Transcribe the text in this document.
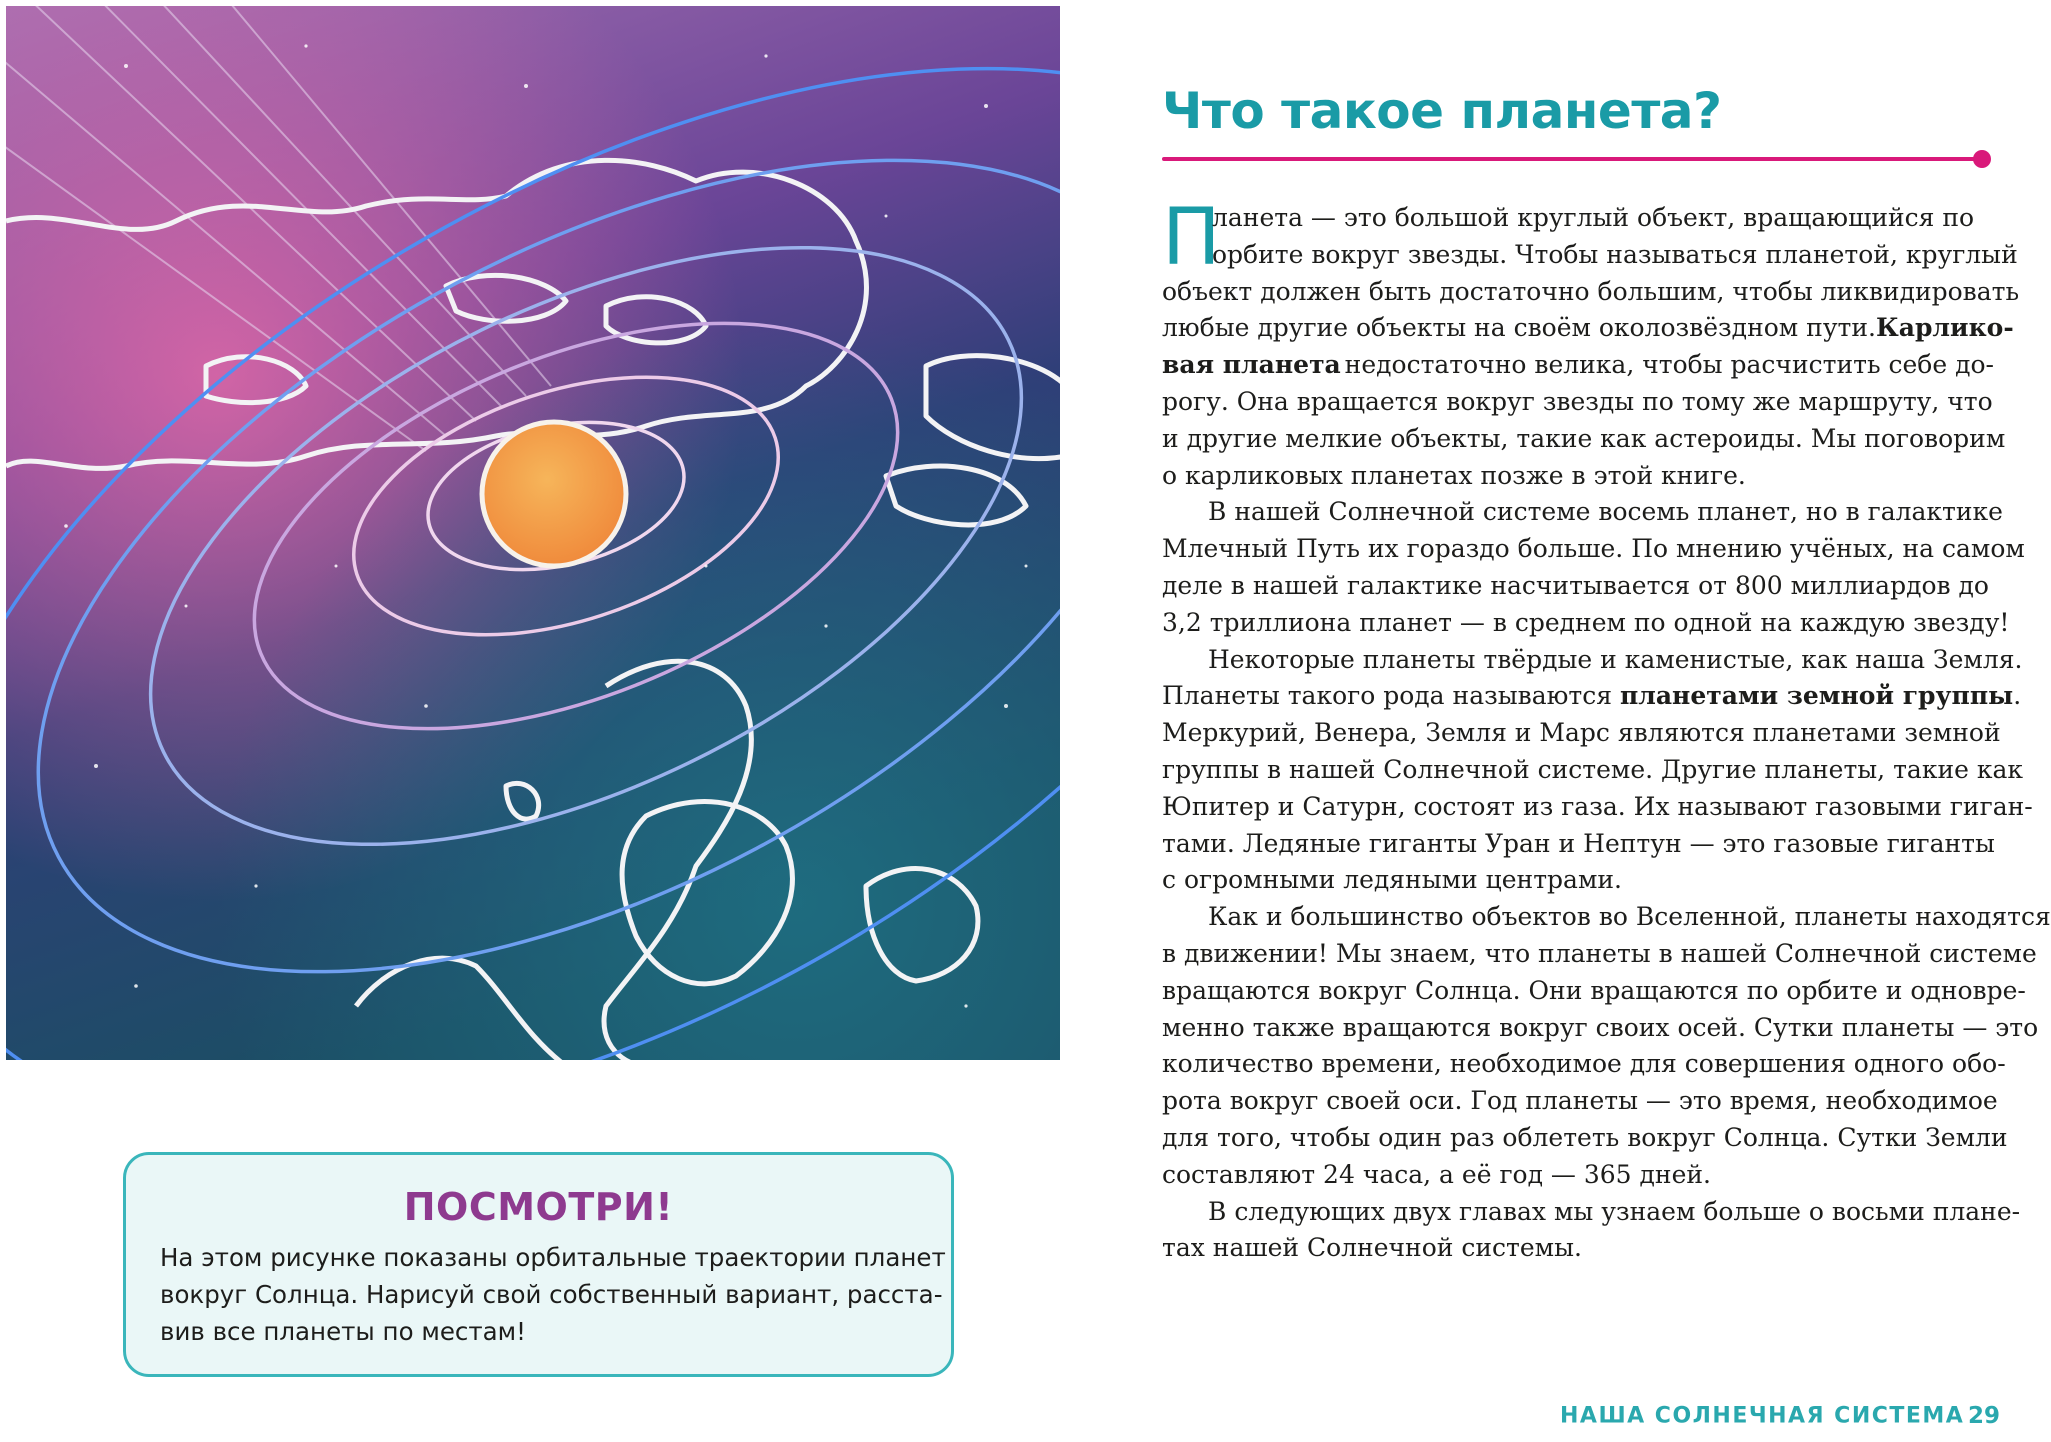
ПОСМОТРИ!
На этом рисунке показаны орбитальные траектории планет
вокруг Солнца. Нарисуй свой собственный вариант, расста-
вив все планеты по местам!
Что такое планета?
П
ланета — это большой круглый объект, вращающийся по
орбите вокруг звезды. Чтобы называться планетой, круглый
объект должен быть достаточно большим, чтобы ликвидировать
любые другие объекты на своём околозвёздном пути. Карлико-
вая планета недостаточно велика, чтобы расчистить себе до-
рогу. Она вращается вокруг звезды по тому же маршруту, что
и другие мелкие объекты, такие как астероиды. Мы поговорим
о карликовых планетах позже в этой книге.
В нашей Солнечной системе восемь планет, но в галактике
Млечный Путь их гораздо больше. По мнению учёных, на самом
деле в нашей галактике насчитывается от 800 миллиардов до
3,2 триллиона планет — в среднем по одной на каждую звезду!
Некоторые планеты твёрдые и каменистые, как наша Земля.
Планеты такого рода называются планетами земной группы.
Меркурий, Венера, Земля и Марс являются планетами земной
группы в нашей Солнечной системе. Другие планеты, такие как
Юпитер и Сатурн, состоят из газа. Их называют газовыми гиган-
тами. Ледяные гиганты Уран и Нептун — это газовые гиганты
с огромными ледяными центрами.
Как и большинство объектов во Вселенной, планеты находятся
в движении! Мы знаем, что планеты в нашей Солнечной системе
вращаются вокруг Солнца. Они вращаются по орбите и одновре-
менно также вращаются вокруг своих осей. Сутки планеты — это
количество времени, необходимое для совершения одного обо-
рота вокруг своей оси. Год планеты — это время, необходимое
для того, чтобы один раз облететь вокруг Солнца. Сутки Земли
составляют 24 часа, а её год — 365 дней.
В следующих двух главах мы узнаем больше о восьми плане-
тах нашей Солнечной системы.
НАША СОЛНЕЧНАЯ СИСТЕМА 29
